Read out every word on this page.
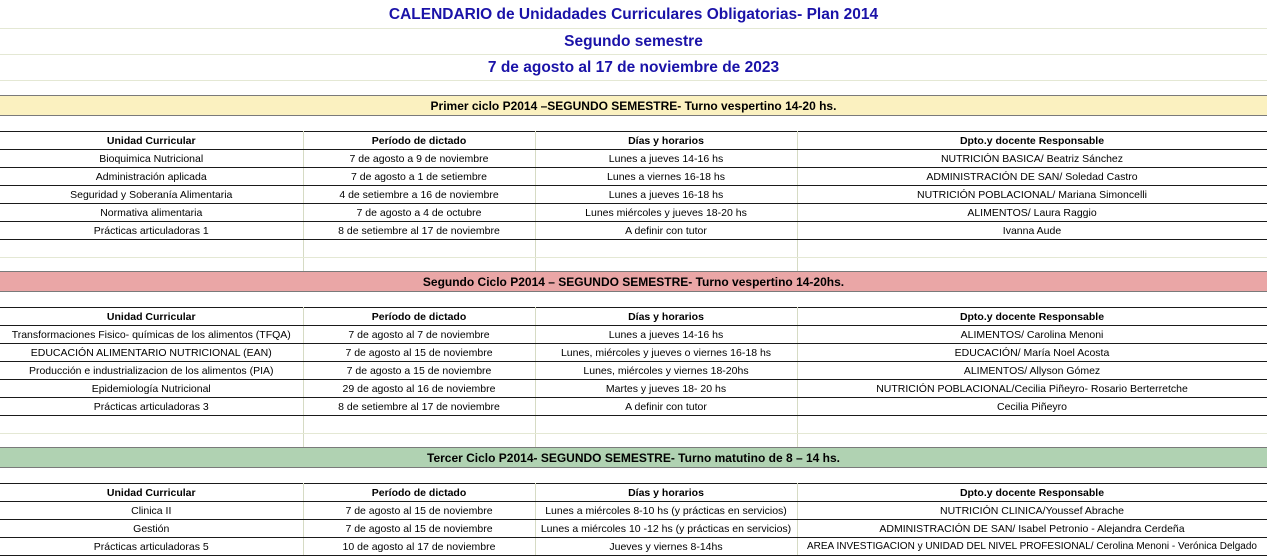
CALENDARIO de Unidadades Curriculares Obligatorias- Plan 2014
Segundo semestre
7 de agosto al 17 de noviembre de 2023
Primer ciclo P2014 –SEGUNDO SEMESTRE- Turno vespertino 14-20 hs.
Unidad Curricular	Período de dictado	Días y horarios	Dpto.y docente Responsable
Bioquimica Nutricional	7 de agosto a 9 de noviembre	Lunes a jueves 14-16 hs	NUTRICIÓN BASICA/ Beatriz Sánchez
Administración aplicada	7 de agosto a 1 de setiembre	Lunes a viernes 16-18 hs	ADMINISTRACIÓN DE SAN/ Soledad Castro
Seguridad y Soberanía Alimentaria	4 de setiembre a 16 de noviembre	Lunes a jueves 16-18 hs	NUTRICIÓN POBLACIONAL/ Mariana Simoncelli
Normativa alimentaria	7 de agosto a 4 de octubre	Lunes miércoles y jueves 18-20 hs	ALIMENTOS/ Laura Raggio
Prácticas articuladoras 1	8 de setiembre al 17 de noviembre	A definir con tutor	Ivanna Aude

Segundo Ciclo P2014 – SEGUNDO SEMESTRE- Turno vespertino 14-20hs.
Unidad Curricular	Período de dictado	Días y horarios	Dpto.y docente Responsable
Transformaciones Fisico- químicas de los alimentos (TFQA)	7 de agosto al 7 de noviembre	Lunes a jueves 14-16 hs	ALIMENTOS/ Carolina Menoni
EDUCACIÓN ALIMENTARIO NUTRICIONAL (EAN)	7 de agosto al 15 de noviembre	Lunes, miércoles y jueves o viernes 16-18 hs	EDUCACIÓN/ María Noel Acosta
Producción e industrializacion de los alimentos (PIA)	7 de agosto a 15 de noviembre	Lunes, miércoles y viernes 18-20hs	ALIMENTOS/ Allyson Gómez
Epidemiología Nutricional	29 de agosto al 16 de noviembre	Martes y jueves 18- 20 hs	NUTRICIÓN POBLACIONAL/Cecilia Piñeyro- Rosario Berterretche
Prácticas articuladoras 3	8 de setiembre al 17 de noviembre	A definir con tutor	Cecilia Piñeyro

Tercer Ciclo P2014- SEGUNDO SEMESTRE- Turno matutino de 8 – 14 hs.
Unidad Curricular	Período de dictado	Días y horarios	Dpto.y docente Responsable
Clinica II	7 de agosto al 15 de noviembre	Lunes a miércoles 8-10 hs (y prácticas en servicios)	NUTRICIÓN CLINICA/Youssef Abrache
Gestión	7 de agosto al 15 de noviembre	Lunes a miércoles 10 -12 hs (y prácticas en servicios)	ADMINISTRACIÓN DE SAN/ Isabel Petronio - Alejandra Cerdeña
Prácticas articuladoras 5	10 de agosto al 17 de noviembre	Jueves y viernes 8-14hs	AREA INVESTIGACION y UNIDAD DEL NIVEL PROFESIONAL/ Cerolina Menoni - Verónica Delgado
